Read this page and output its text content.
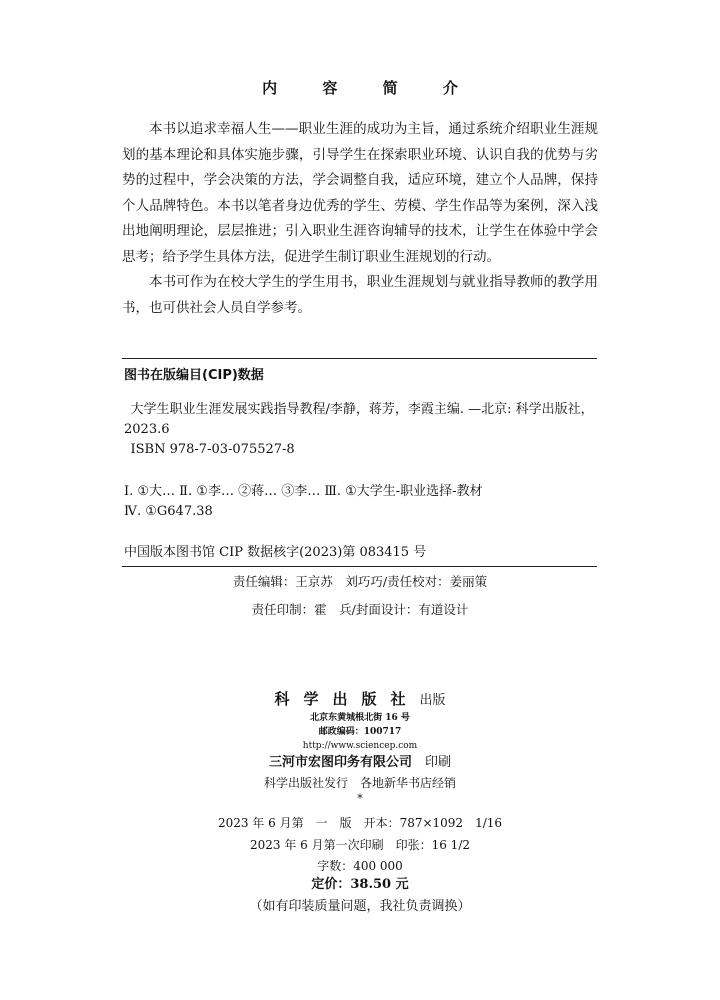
内 容 简 介

本书以追求幸福人生——职业生涯的成功为主旨，通过系统介绍职业生涯规划的基本理论和具体实施步骤，引导学生在探索职业环境、认识自我的优势与劣势的过程中，学会决策的方法，学会调整自我，适应环境，建立个人品牌，保持个人品牌特色。本书以笔者身边优秀的学生、劳模、学生作品等为案例，深入浅出地阐明理论，层层推进；引入职业生涯咨询辅导的技术，让学生在体验中学会思考；给予学生具体方法，促进学生制订职业生涯规划的行动。

本书可作为在校大学生的学生用书，职业生涯规划与就业指导教师的教学用书，也可供社会人员自学参考。

图书在版编目(CIP)数据

大学生职业生涯发展实践指导教程/李静，蒋芳，李霞主编. —北京: 科学出版社，2023.6

ISBN 978-7-03-075527-8

Ⅰ. ①大… Ⅱ. ①李… ②蒋… ③李… Ⅲ. ①大学生-职业选择-教材

Ⅳ. ①G647.38

中国版本图书馆 CIP 数据核字(2023)第 083415 号
责任编辑：王京苏　刘巧巧/责任校对：姜丽策
责任印制：霍　兵/封面设计：有道设计
科学出版社出版
北京东黄城根北街 16 号
邮政编码：100717
http://www.sciencep.com
三河市宏图印务有限公司　 印刷
科学出版社发行　各地新华书店经销
*
2023 年 6 月第　一　版　开本：787×1092　1/16
2023 年 6 月第一次印刷　印张：16 1/2
字数：400 000
定价：38.50 元
（如有印装质量问题，我社负责调换）
